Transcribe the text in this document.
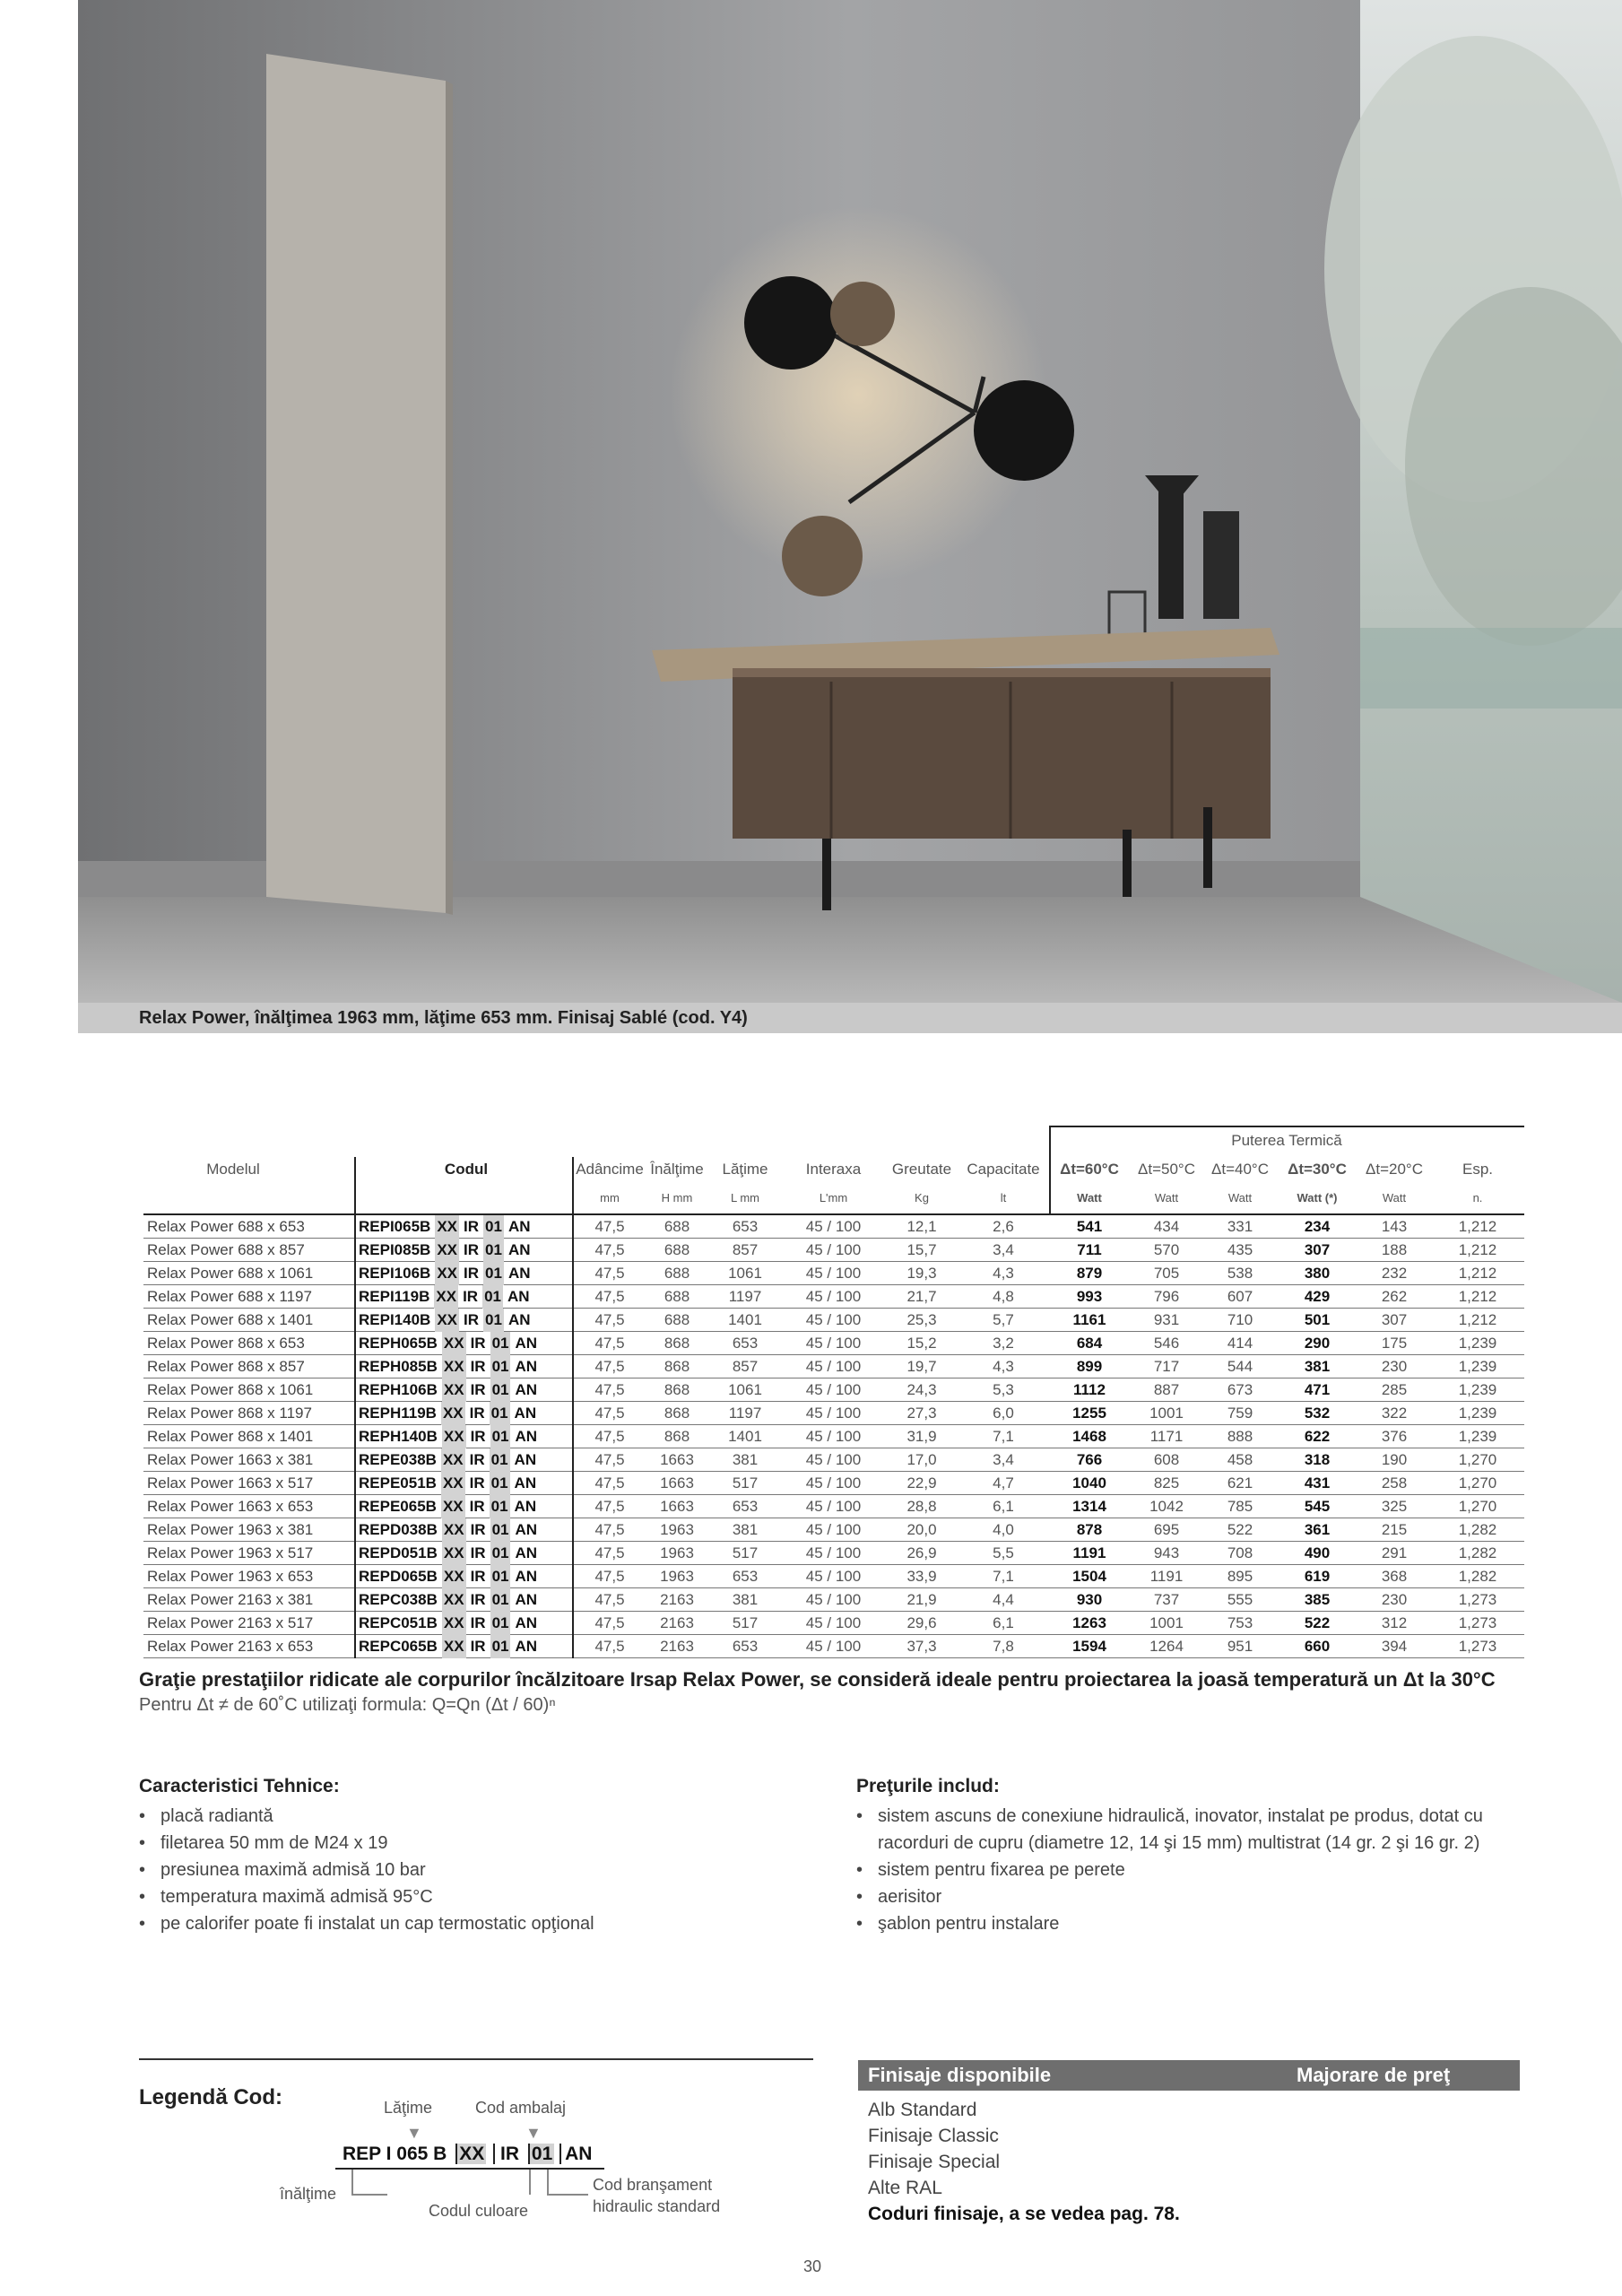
Relax Power, înălţimea 1963 mm, lăţime 653 mm. Finisaj Sablé (cod. Y4)
Puterea Termică
Modelul	Codul	Adâncime Înălţime	Lăţime	Interaxa	Greutate	Capacitate	Δt=60°C	Δt=50°C	Δt=40°C	Δt=30°C	Δt=20°C	Esp.
mm	H mm	L mm	L'mm	Kg	lt	Watt	Watt	Watt	Watt (*)	Watt	n.
Relax Power 688 x 653	REPI065B XX IR 01 AN	47,5	688	653	45 / 100	12,1	2,6	541	434	331	234	143	1,212
Relax Power 688 x 857	REPI085B XX IR 01 AN	47,5	688	857	45 / 100	15,7	3,4	711	570	435	307	188	1,212
Relax Power 688 x 1061	REPI106B XX IR 01 AN	47,5	688	1061	45 / 100	19,3	4,3	879	705	538	380	232	1,212
Relax Power 688 x 1197	REPI119B XX IR 01 AN	47,5	688	1197	45 / 100	21,7	4,8	993	796	607	429	262	1,212
Relax Power 688 x 1401	REPI140B XX IR 01 AN	47,5	688	1401	45 / 100	25,3	5,7	1161	931	710	501	307	1,212
Relax Power 868 x 653	REPH065B XX IR 01 AN	47,5	868	653	45 / 100	15,2	3,2	684	546	414	290	175	1,239
Relax Power 868 x 857	REPH085B XX IR 01 AN	47,5	868	857	45 / 100	19,7	4,3	899	717	544	381	230	1,239
Relax Power 868 x 1061	REPH106B XX IR 01 AN	47,5	868	1061	45 / 100	24,3	5,3	1112	887	673	471	285	1,239
Relax Power 868 x 1197	REPH119B XX IR 01 AN	47,5	868	1197	45 / 100	27,3	6,0	1255	1001	759	532	322	1,239
Relax Power 868 x 1401	REPH140B XX IR 01 AN	47,5	868	1401	45 / 100	31,9	7,1	1468	1171	888	622	376	1,239
Relax Power 1663 x 381	REPE038B XX IR 01 AN	47,5	1663	381	45 / 100	17,0	3,4	766	608	458	318	190	1,270
Relax Power 1663 x 517	REPE051B XX IR 01 AN	47,5	1663	517	45 / 100	22,9	4,7	1040	825	621	431	258	1,270
Relax Power 1663 x 653	REPE065B XX IR 01 AN	47,5	1663	653	45 / 100	28,8	6,1	1314	1042	785	545	325	1,270
Relax Power 1963 x 381	REPD038B XX IR 01 AN	47,5	1963	381	45 / 100	20,0	4,0	878	695	522	361	215	1,282
Relax Power 1963 x 517	REPD051B XX IR 01 AN	47,5	1963	517	45 / 100	26,9	5,5	1191	943	708	490	291	1,282
Relax Power 1963 x 653	REPD065B XX IR 01 AN	47,5	1963	653	45 / 100	33,9	7,1	1504	1191	895	619	368	1,282
Relax Power 2163 x 381	REPC038B XX IR 01 AN	47,5	2163	381	45 / 100	21,9	4,4	930	737	555	385	230	1,273
Relax Power 2163 x 517	REPC051B XX IR 01 AN	47,5	2163	517	45 / 100	29,6	6,1	1263	1001	753	522	312	1,273
Relax Power 2163 x 653	REPC065B XX IR 01 AN	47,5	2163	653	45 / 100	37,3	7,8	1594	1264	951	660	394	1,273
Graţie prestaţiilor ridicate ale corpurilor încălzitoare Irsap Relax Power, se consideră ideale pentru proiectarea la joasă temperatură un Δt la 30°C
Pentru Δt ≠ de 60˚C utilizaţi formula: Q=Qn (Δt / 60)ⁿ
Caracteristici Tehnice:
• placă radiantă
• filetarea 50 mm de M24 x 19
• presiunea maximă admisă 10 bar
• temperatura maximă admisă 95°C
• pe calorifer poate fi instalat un cap termostatic opţional
Preţurile includ:
• sistem ascuns de conexiune hidraulică, inovator, instalat pe produs, dotat cu racorduri de cupru (diametre 12, 14 şi 15 mm) multistrat (14 gr. 2 şi 16 gr. 2)
• sistem pentru fixarea pe perete
• aerisitor
• şablon pentru instalare
Legendă Cod:	Lăţime	Cod ambalaj
▼	▼
REP I 065 B XX IR 01 AN
înălţime
Codul culoare
Cod branşament hidraulic standard
Finisaje disponibile	Majorare de preţ
Alb Standard
Finisaje Classic
Finisaje Special
Alte RAL
Coduri finisaje, a se vedea pag. 78.
30
